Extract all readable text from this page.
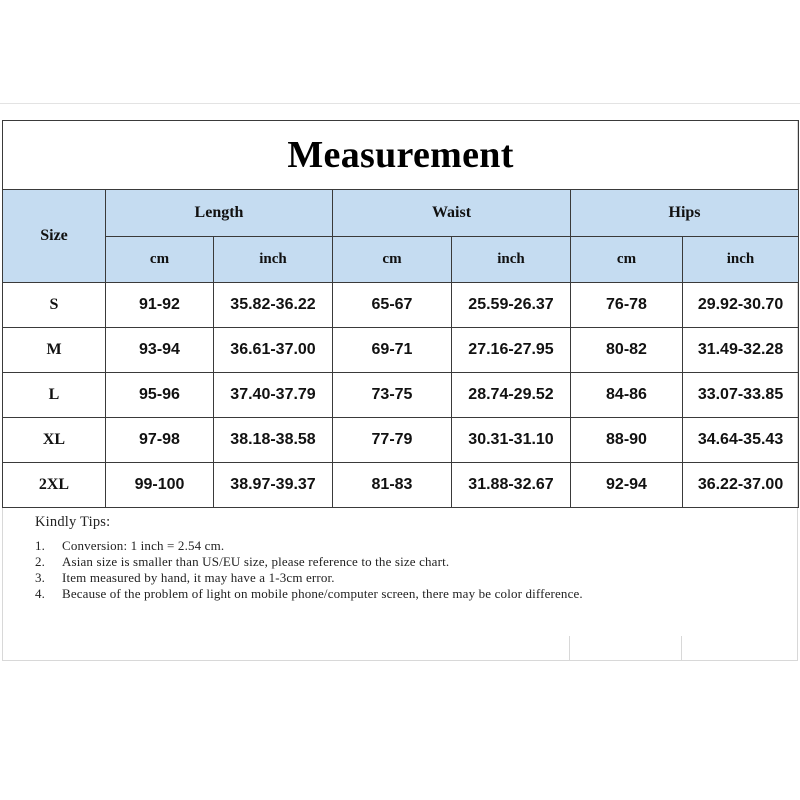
Measurement						
Size	Length		Waist		Hips	
	cm	inch	cm	inch	cm	inch
S	91-92	35.82-36.22	65-67	25.59-26.37	76-78	29.92-30.70
M	93-94	36.61-37.00	69-71	27.16-27.95	80-82	31.49-32.28
L	95-96	37.40-37.79	73-75	28.74-29.52	84-86	33.07-33.85
XL	97-98	38.18-38.58	77-79	30.31-31.10	88-90	34.64-35.43
2XL	99-100	38.97-39.37	81-83	31.88-32.67	92-94	36.22-37.00
Kindly Tips:
1. Conversion: 1 inch = 2.54 cm.
2. Asian size is smaller than US/EU size, please reference to the size chart.
3. Item measured by hand, it may have a 1-3cm error.
4. Because of the problem of light on mobile phone/computer screen, there may be color difference.
